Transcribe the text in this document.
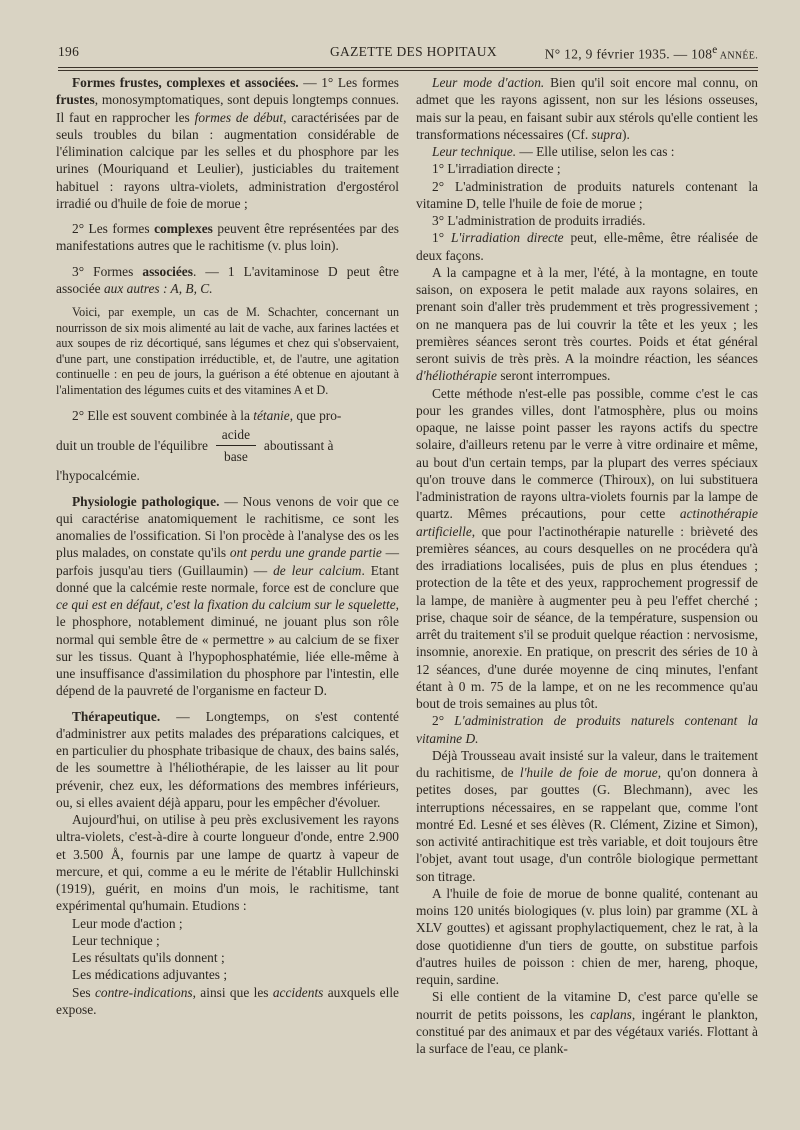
196	GAZETTE DES HOPITAUX	N° 12, 9 février 1935. — 108e ANNÉE.

Formes frustes, complexes et associées. — 1° Les formes frustes, monosymptomatiques, sont depuis longtemps connues. Il faut en rapprocher les formes de début, caractérisées par de seuls troubles du bilan : augmentation considérable de l'élimination calcique par les selles et du phosphore par les urines (Mouriquand et Leulier), justiciables du traitement habituel : rayons ultra-violets, administration d'ergostérol irradié ou d'huile de foie de morue ;

2° Les formes complexes peuvent être représentées par des manifestations autres que le rachitisme (v. plus loin).

3° Formes associées. — 1 L'avitaminose D peut être associée aux autres : A, B, C.

Voici, par exemple, un cas de M. Schachter, concernant un nourrisson de six mois alimenté au lait de vache, aux farines lactées et aux soupes de riz décortiqué, sans légumes et chez qui s'observaient, d'une part, une constipation irréductible, et, de l'autre, une agitation continuelle : en peu de jours, la guérison a été obtenue en ajoutant à l'alimentation des légumes cuits et des vitamines A et D.

2° Elle est souvent combinée à la tétanie, que pro-

duit un trouble de l'équilibre $\frac{\text{acide}}{\text{base}}$ aboutissant à

l'hypocalcémie.

Physiologie pathologique. — Nous venons de voir que ce qui caractérise anatomiquement le rachitisme, ce sont les anomalies de l'ossification. Si l'on procède à l'analyse des os les plus malades, on constate qu'ils ont perdu une grande partie — parfois jusqu'au tiers (Guillaumin) — de leur calcium. Etant donné que la calcémie reste normale, force est de conclure que ce qui est en défaut, c'est la fixation du calcium sur le squelette, le phosphore, notablement diminué, ne jouant plus son rôle normal qui semble être de « permettre » au calcium de se fixer sur les tissus. Quant à l'hypophosphatémie, liée elle-même à une insuffisance d'assimilation du phosphore par l'intestin, elle dépend de la pauvreté de l'organisme en facteur D.

Thérapeutique. — Longtemps, on s'est contenté d'administrer aux petits malades des préparations calciques, et en particulier du phosphate tribasique de chaux, des bains salés, de les soumettre à l'héliothérapie, de les laisser au lit pour prévenir, chez eux, les déformations des membres inférieurs, ou, si elles avaient déjà apparu, pour les empêcher d'évoluer.

Aujourd'hui, on utilise à peu près exclusivement les rayons ultra-violets, c'est-à-dire à courte longueur d'onde, entre 2.900 et 3.500 Å, fournis par une lampe de quartz à vapeur de mercure, et qui, comme a eu le mérite de l'établir Hullchinski (1919), guérit, en moins d'un mois, le rachitisme, tant expérimental qu'humain. Etudions :

Leur mode d'action ;

Leur technique ;

Les résultats qu'ils donnent ;

Les médications adjuvantes ;

Ses contre-indications, ainsi que les accidents auxquels elle expose.

Leur mode d'action. Bien qu'il soit encore mal connu, on admet que les rayons agissent, non sur les lésions osseuses, mais sur la peau, en faisant subir aux stérols qu'elle contient les transformations nécessaires (Cf. supra).

Leur technique. — Elle utilise, selon les cas :

1° L'irradiation directe ;

2° L'administration de produits naturels contenant la vitamine D, telle l'huile de foie de morue ;

3° L'administration de produits irradiés.

1° L'irradiation directe peut, elle-même, être réalisée de deux façons.

A la campagne et à la mer, l'été, à la montagne, en toute saison, on exposera le petit malade aux rayons solaires, en prenant soin d'aller très prudemment et très progressivement ; on ne manquera pas de lui couvrir la tête et les yeux ; les premières séances seront très courtes. Poids et état général seront suivis de très près. A la moindre réaction, les séances d'héliothérapie seront interrompues.

Cette méthode n'est-elle pas possible, comme c'est le cas pour les grandes villes, dont l'atmosphère, plus ou moins opaque, ne laisse point passer les rayons actifs du spectre solaire, d'ailleurs retenu par le verre à vitre ordinaire et même, au bout d'un certain temps, par la plupart des verres spéciaux qu'on trouve dans le commerce (Thiroux), on lui substituera l'administration de rayons ultra-violets fournis par la lampe de quartz. Mêmes précautions, pour cette actinothérapie artificielle, que pour l'actinothérapie naturelle : brièveté des premières séances, au cours desquelles on ne procédera qu'à des irradiations localisées, puis de plus en plus étendues ; protection de la tête et des yeux, rapprochement progressif de la lampe, de manière à augmenter peu à peu l'effet cherché ; prise, chaque soir de séance, de la température, suspension ou arrêt du traitement s'il se produit quelque réaction : nervosisme, insomnie, anorexie. En pratique, on prescrit des séries de 10 à 12 séances, d'une durée moyenne de cinq minutes, l'enfant étant à 0 m. 75 de la lampe, et on ne les recommence qu'au bout de trois semaines au plus tôt.

2° L'administration de produits naturels contenant la vitamine D.

Déjà Trousseau avait insisté sur la valeur, dans le traitement du rachitisme, de l'huile de foie de morue, qu'on donnera à petites doses, par gouttes (G. Blechmann), avec les interruptions nécessaires, en se rappelant que, comme l'ont montré Ed. Lesné et ses élèves (R. Clément, Zizine et Simon), son activité antirachitique est très variable, et doit toujours être l'objet, avant tout usage, d'un contrôle biologique permettant son titrage.

A l'huile de foie de morue de bonne qualité, contenant au moins 120 unités biologiques (v. plus loin) par gramme (XL à XLV gouttes) et agissant prophylactiquement, chez le rat, à la dose quotidienne d'un tiers de goutte, on substitue parfois d'autres huiles de poisson : chien de mer, hareng, phoque, requin, sardine.

Si elle contient de la vitamine D, c'est parce qu'elle se nourrit de petits poissons, les caplans, ingérant le plankton, constitué par des animaux et par des végétaux variés. Flottant à la surface de l'eau, ce plank-
